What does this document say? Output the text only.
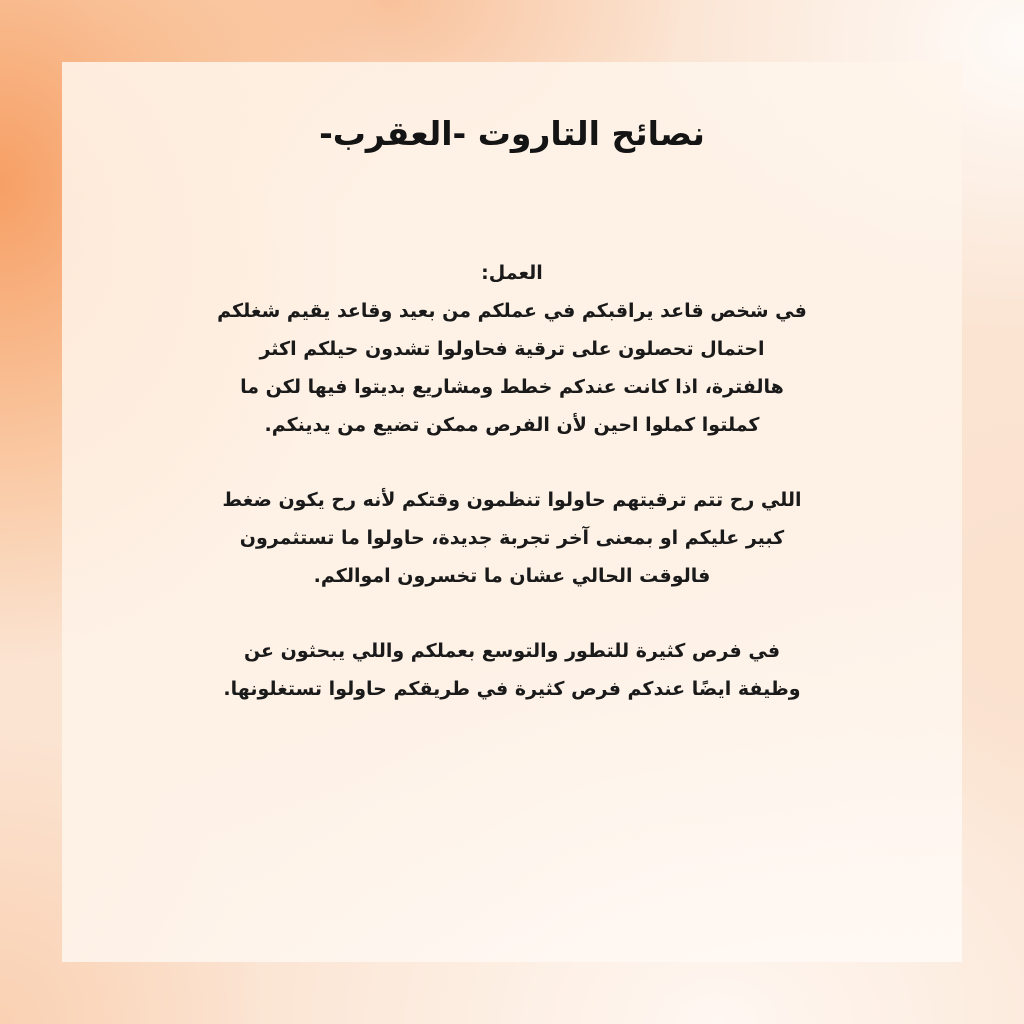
نصائح التاروت -العقرب-
العمل:
في شخص قاعد يراقبكم في عملكم من بعيد وقاعد يقيم شغلكم
احتمال تحصلون على ترقية فحاولوا تشدون حيلكم اكثر
هالفترة، اذا كانت عندكم خطط ومشاريع بديتوا فيها لكن ما
كملتوا كملوا احين لأن الفرص ممكن تضيع من يدينكم.
اللي رح تتم ترقيتهم حاولوا تنظمون وقتكم لأنه رح يكون ضغط
كبير عليكم او بمعنى آخر تجربة جديدة، حاولوا ما تستثمرون
فالوقت الحالي عشان ما تخسرون اموالكم.
في فرص كثيرة للتطور والتوسع بعملكم واللي يبحثون عن
وظيفة ايضًا عندكم فرص كثيرة في طريقكم حاولوا تستغلونها.
